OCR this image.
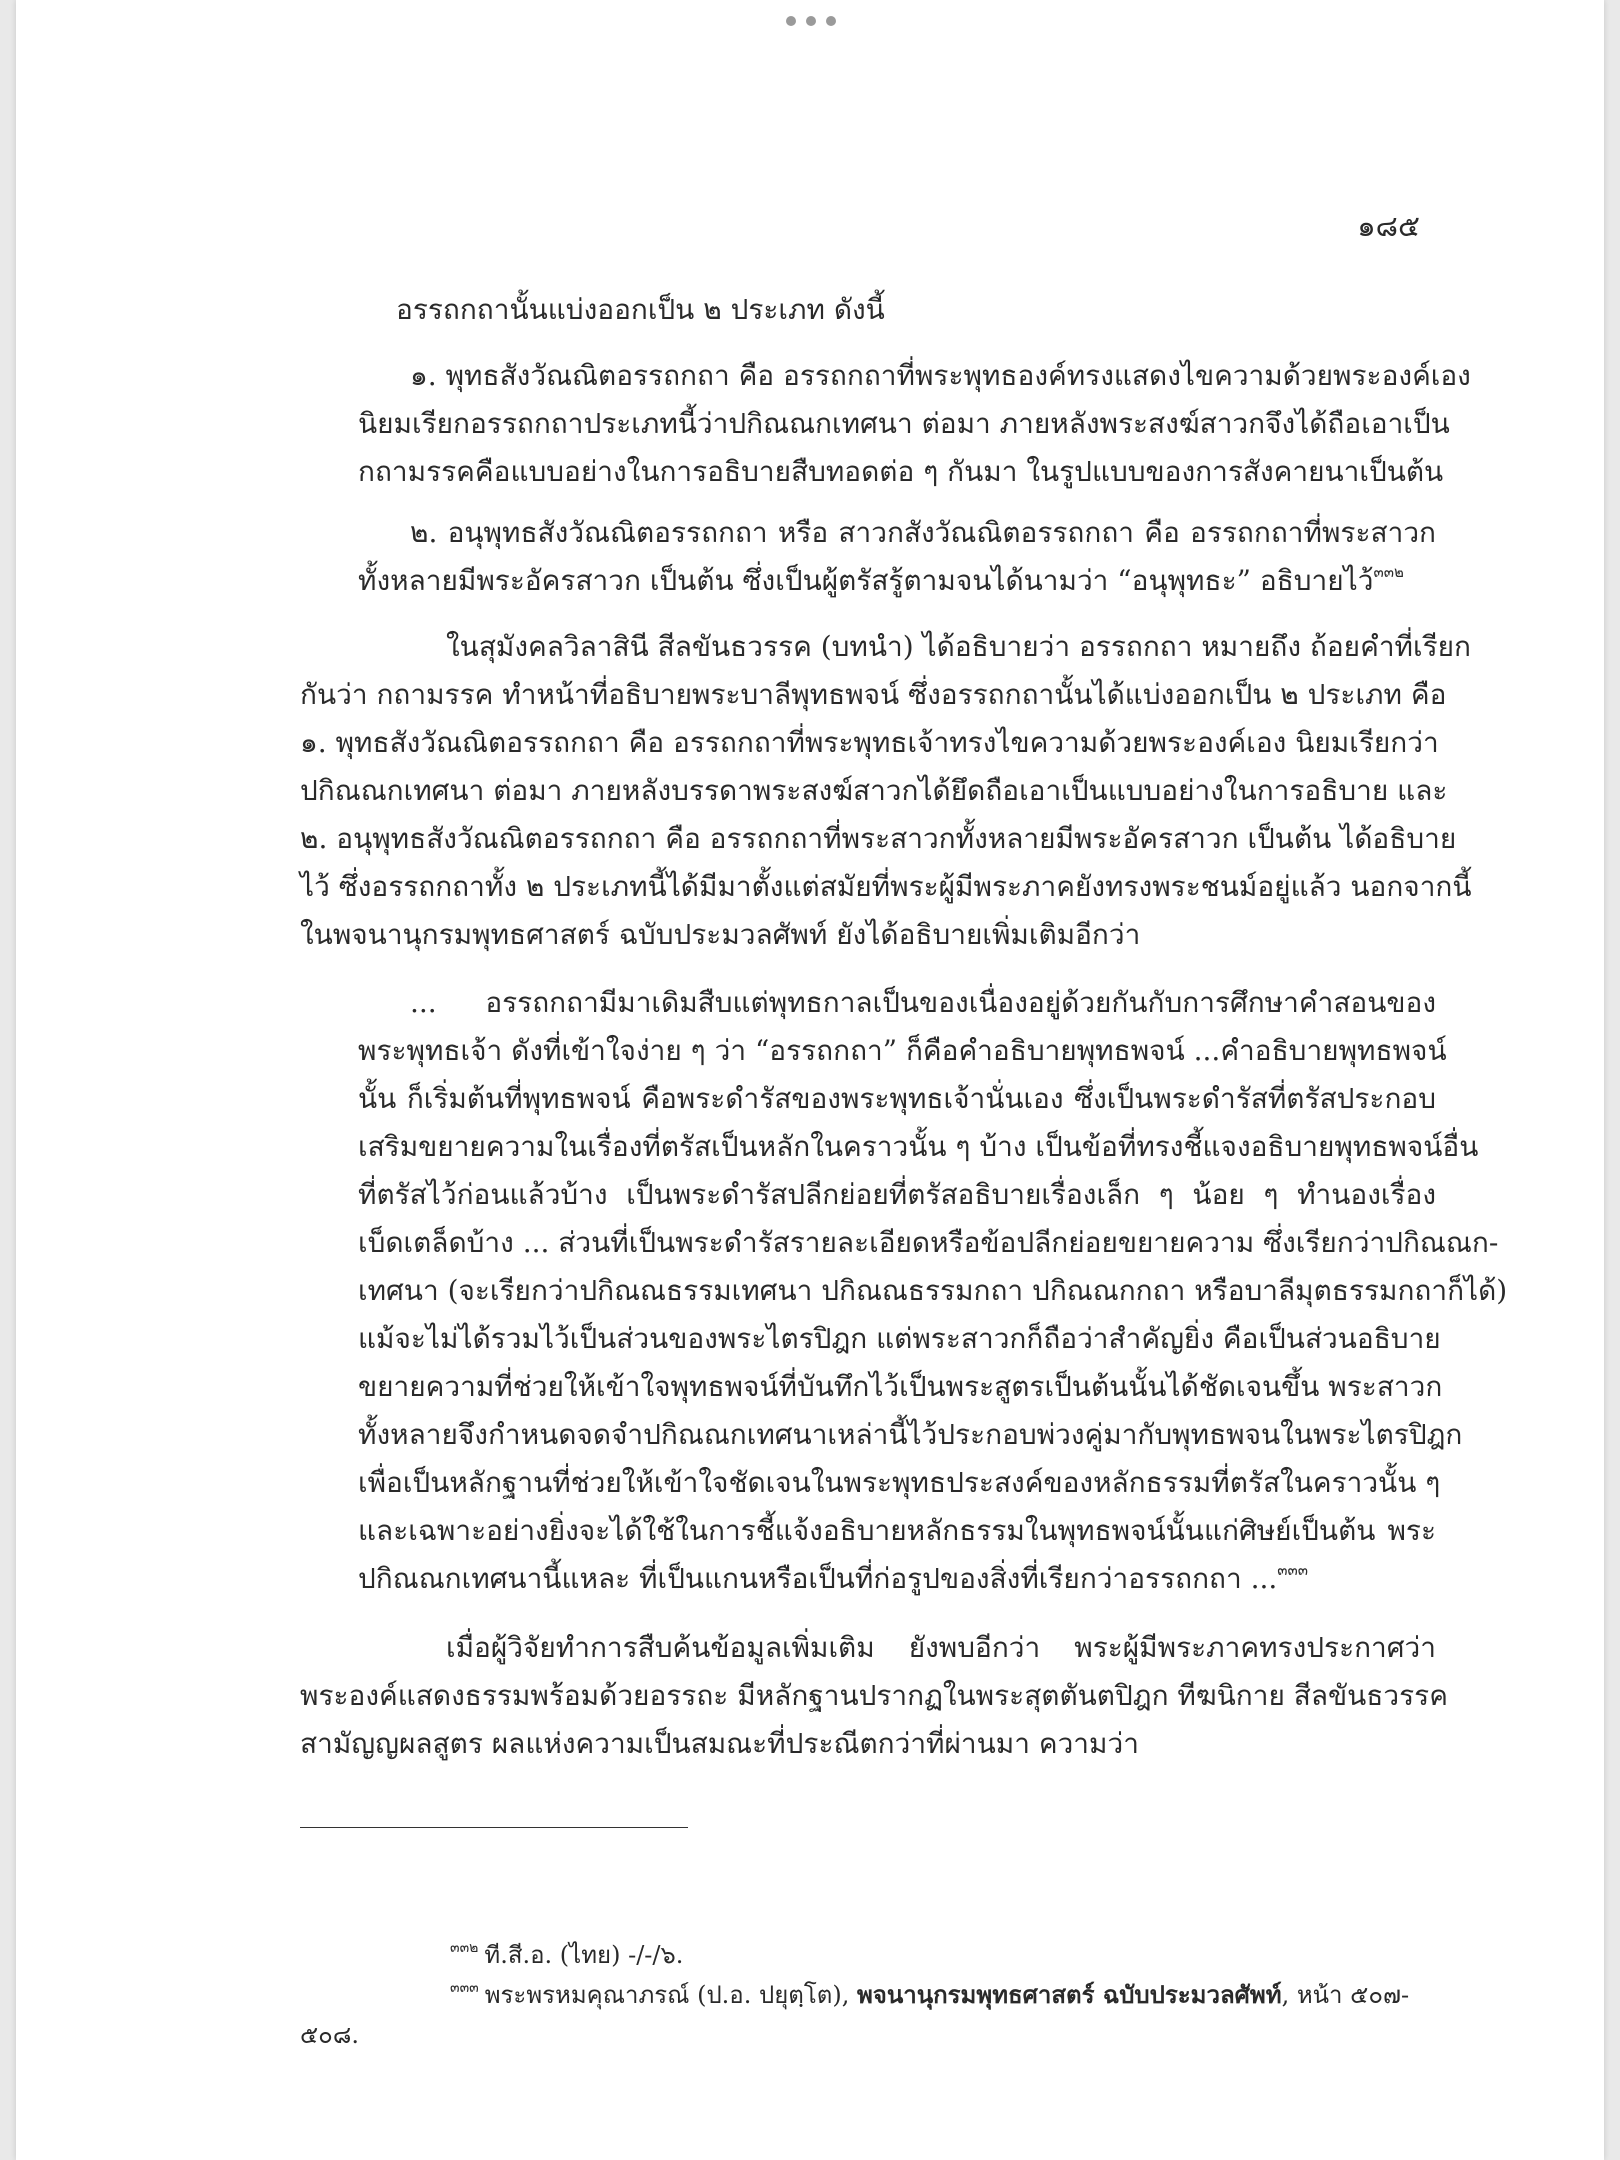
๑๘๕

อรรถกถานั้นแบ่งออกเป็น ๒ ประเภท ดังนี้

๑. พุทธสังวัณณิตอรรถกถา คือ อรรถกถาที่พระพุทธองค์ทรงแสดงไขความด้วยพระองค์เอง
นิยมเรียกอรรถกถาประเภทนี้ว่าปกิณณกเทศนา ต่อมา ภายหลังพระสงฆ์สาวกจึงได้ถือเอาเป็น
กถามรรคคือแบบอย่างในการอธิบายสืบทอดต่อ ๆ กันมา ในรูปแบบของการสังคายนาเป็นต้น

๒. อนุพุทธสังวัณณิตอรรถกถา หรือ สาวกสังวัณณิตอรรถกถา คือ อรรถกถาที่พระสาวก
ทั้งหลายมีพระอัครสาวก เป็นต้น ซึ่งเป็นผู้ตรัสรู้ตามจนได้นามว่า “อนุพุทธะ” อธิบายไว้$^{๓๓๒}$

ในสุมังคลวิลาสินี สีลขันธวรรค (บทนำ) ได้อธิบายว่า อรรถกถา หมายถึง ถ้อยคำที่เรียก
กันว่า กถามรรค ทำหน้าที่อธิบายพระบาลีพุทธพจน์ ซึ่งอรรถกถานั้นได้แบ่งออกเป็น ๒ ประเภท คือ
๑. พุทธสังวัณณิตอรรถกถา คือ อรรถกถาที่พระพุทธเจ้าทรงไขความด้วยพระองค์เอง นิยมเรียกว่า
ปกิณณกเทศนา ต่อมา ภายหลังบรรดาพระสงฆ์สาวกได้ยึดถือเอาเป็นแบบอย่างในการอธิบาย และ
๒. อนุพุทธสังวัณณิตอรรถกถา คือ อรรถกถาที่พระสาวกทั้งหลายมีพระอัครสาวก เป็นต้น ได้อธิบาย
ไว้ ซึ่งอรรถกถาทั้ง ๒ ประเภทนี้ได้มีมาตั้งแต่สมัยที่พระผู้มีพระภาคยังทรงพระชนม์อยู่แล้ว นอกจากนี้
ในพจนานุกรมพุทธศาสตร์ ฉบับประมวลศัพท์ ยังได้อธิบายเพิ่มเติมอีกว่า

... อรรถกถามีมาเดิมสืบแต่พุทธกาลเป็นของเนื่องอยู่ด้วยกันกับการศึกษาคำสอนของ
พระพุทธเจ้า ดังที่เข้าใจง่าย ๆ ว่า “อรรถกถา” ก็คือคำอธิบายพุทธพจน์ ...คำอธิบายพุทธพจน์
นั้น ก็เริ่มต้นที่พุทธพจน์ คือพระดำรัสของพระพุทธเจ้านั่นเอง ซึ่งเป็นพระดำรัสที่ตรัสประกอบ
เสริมขยายความในเรื่องที่ตรัสเป็นหลักในคราวนั้น ๆ บ้าง เป็นข้อที่ทรงชี้แจงอธิบายพุทธพจน์อื่น
ที่ตรัสไว้ก่อนแล้วบ้าง เป็นพระดำรัสปลีกย่อยที่ตรัสอธิบายเรื่องเล็ก ๆ น้อย ๆ ทำนองเรื่อง
เบ็ดเตล็ดบ้าง ... ส่วนที่เป็นพระดำรัสรายละเอียดหรือข้อปลีกย่อยขยายความ ซึ่งเรียกว่าปกิณณก-
เทศนา (จะเรียกว่าปกิณณธรรมเทศนา ปกิณณธรรมกถา ปกิณณกกถา หรือบาลีมุตธรรมกถาก็ได้)
แม้จะไม่ได้รวมไว้เป็นส่วนของพระไตรปิฎก แต่พระสาวกก็ถือว่าสำคัญยิ่ง คือเป็นส่วนอธิบาย
ขยายความที่ช่วยให้เข้าใจพุทธพจน์ที่บันทึกไว้เป็นพระสูตรเป็นต้นนั้นได้ชัดเจนขึ้น พระสาวก
ทั้งหลายจึงกำหนดจดจำปกิณณกเทศนาเหล่านี้ไว้ประกอบพ่วงคู่มากับพุทธพจนในพระไตรปิฎก
เพื่อเป็นหลักฐานที่ช่วยให้เข้าใจชัดเจนในพระพุทธประสงค์ของหลักธรรมที่ตรัสในคราวนั้น ๆ
และเฉพาะอย่างยิ่งจะได้ใช้ในการชี้แจ้งอธิบายหลักธรรมในพุทธพจน์นั้นแก่ศิษย์เป็นต้น พระ
ปกิณณกเทศนานี้แหละ ที่เป็นแกนหรือเป็นที่ก่อรูปของสิ่งที่เรียกว่าอรรถกถา ...$^{๓๓๓}$

เมื่อผู้วิจัยทำการสืบค้นข้อมูลเพิ่มเติม ยังพบอีกว่า พระผู้มีพระภาคทรงประกาศว่า
พระองค์แสดงธรรมพร้อมด้วยอรรถะ มีหลักฐานปรากฏในพระสุตตันตปิฎก ทีฆนิกาย สีลขันธวรรค
สามัญญผลสูตร ผลแห่งความเป็นสมณะที่ประณีตกว่าที่ผ่านมา ความว่า

$^{๓๓๒}$ ที.สี.อ. (ไทย) -/-/๖.
$^{๓๓๓}$ พระพรหมคุณาภรณ์ (ป.อ. ปยุตฺโต), พจนานุกรมพุทธศาสตร์ ฉบับประมวลศัพท์, หน้า ๕๐๗-
๕๐๘.
